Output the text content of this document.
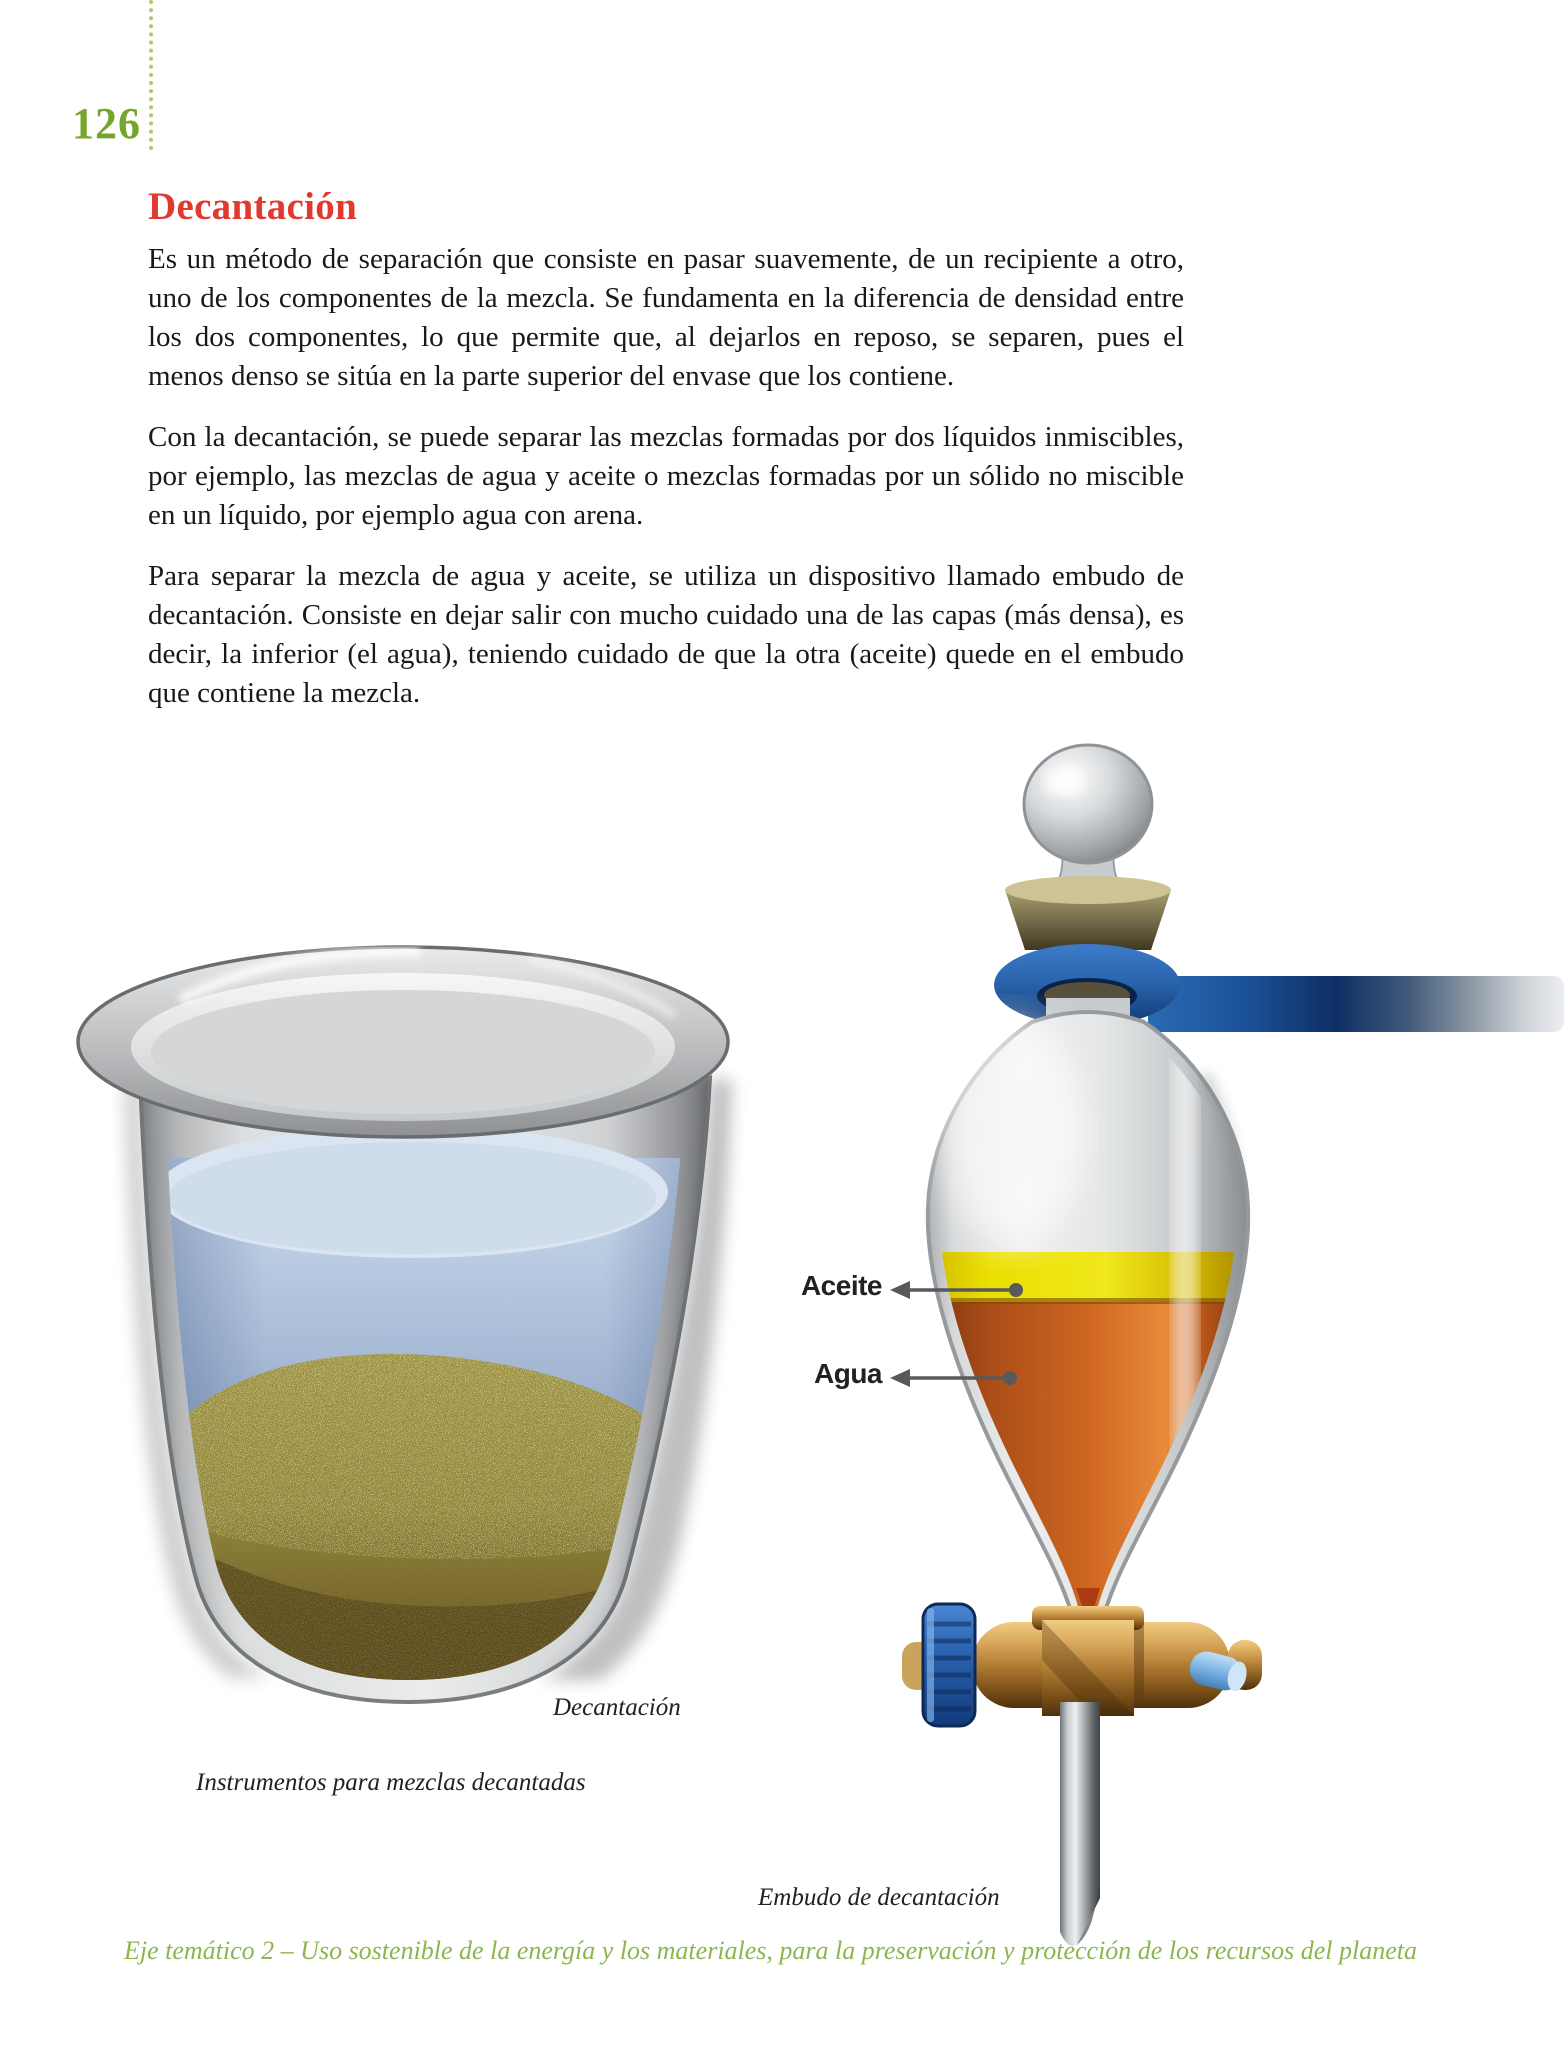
126
Decantación

Es un método de separación que consiste en pasar suavemente, de un recipiente a otro, uno de los componentes de la mezcla. Se fundamenta en la diferencia de densidad entre los dos componentes, lo que permite que, al dejarlos en reposo, se separen, pues el menos denso se sitúa en la parte superior del envase que los contiene.

Con la decantación, se puede separar las mezclas formadas por dos líquidos inmiscibles, por ejemplo, las mezclas de agua y aceite o mezclas formadas por un sólido no miscible en un líquido, por ejemplo agua con arena.

Para separar la mezcla de agua y aceite, se utiliza un dispositivo llamado embudo de decantación. Consiste en dejar salir con mucho cuidado una de las capas (más densa), es decir, la inferior (el agua), teniendo cuidado de que la otra (aceite) quede en el embudo que contiene la mezcla.

Aceite
Agua
Decantación
Instrumentos para mezclas decantadas
Embudo de decantación
Eje temático 2 – Uso sostenible de la energía y los materiales, para la preservación y protección de los recursos del planeta
